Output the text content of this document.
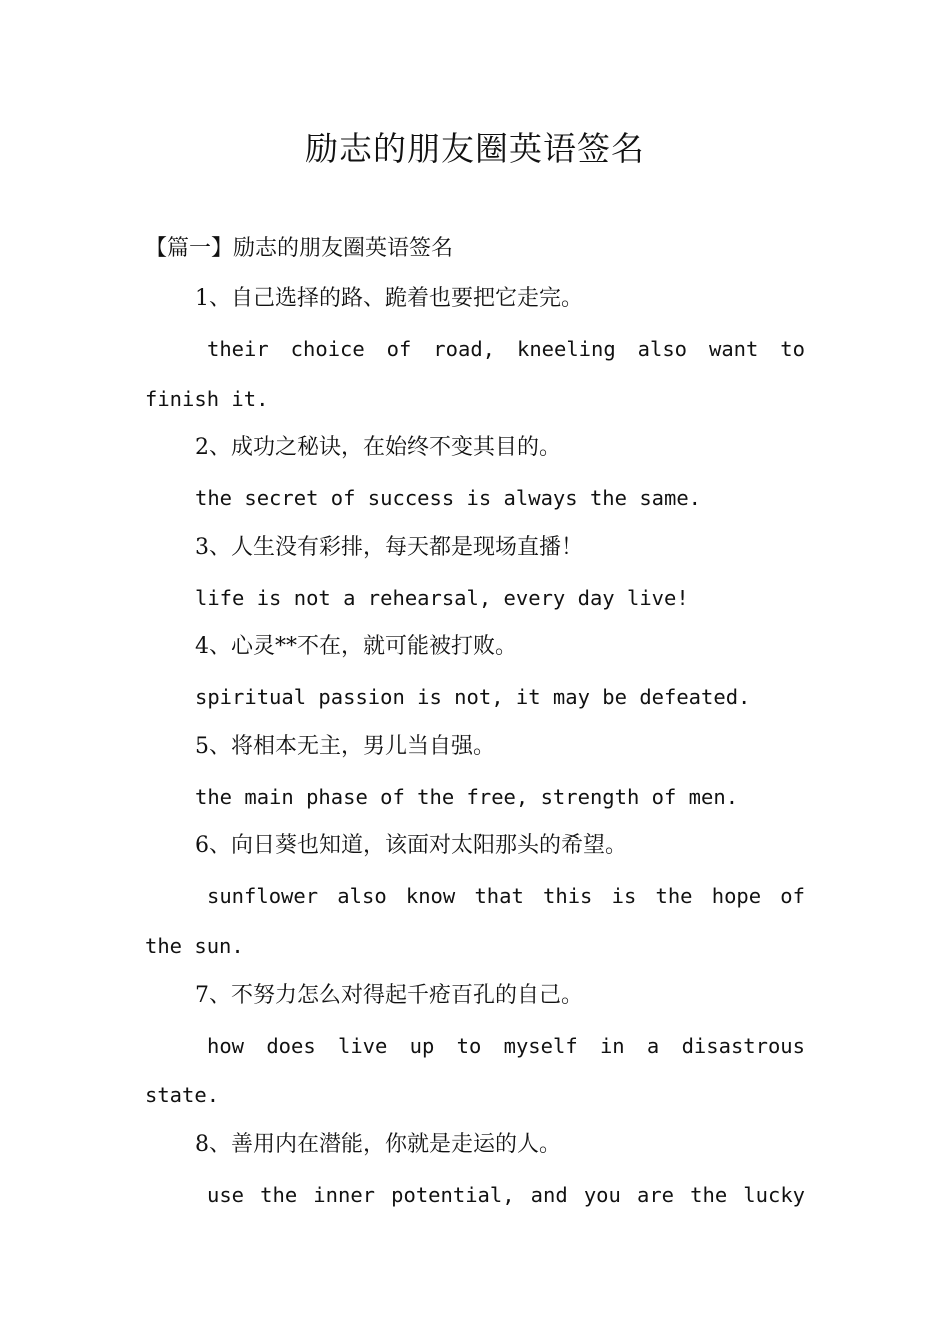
励志的朋友圈英语签名
【篇一】励志的朋友圈英语签名
1、自己选择的路、跪着也要把它走完。
their choice of road, kneeling also want to
finish it.
2、成功之秘诀，在始终不变其目的。
the secret of success is always the same.
3、人生没有彩排，每天都是现场直播！
life is not a rehearsal, every day live!
4、心灵**不在，就可能被打败。
spiritual passion is not, it may be defeated.
5、将相本无主，男儿当自强。
the main phase of the free, strength of men.
6、向日葵也知道，该面对太阳那头的希望。
sunflower also know that this is the hope of
the sun.
7、不努力怎么对得起千疮百孔的自己。
how does live up to myself in a disastrous
state.
8、善用内在潜能，你就是走运的人。
use the inner potential, and you are the lucky
